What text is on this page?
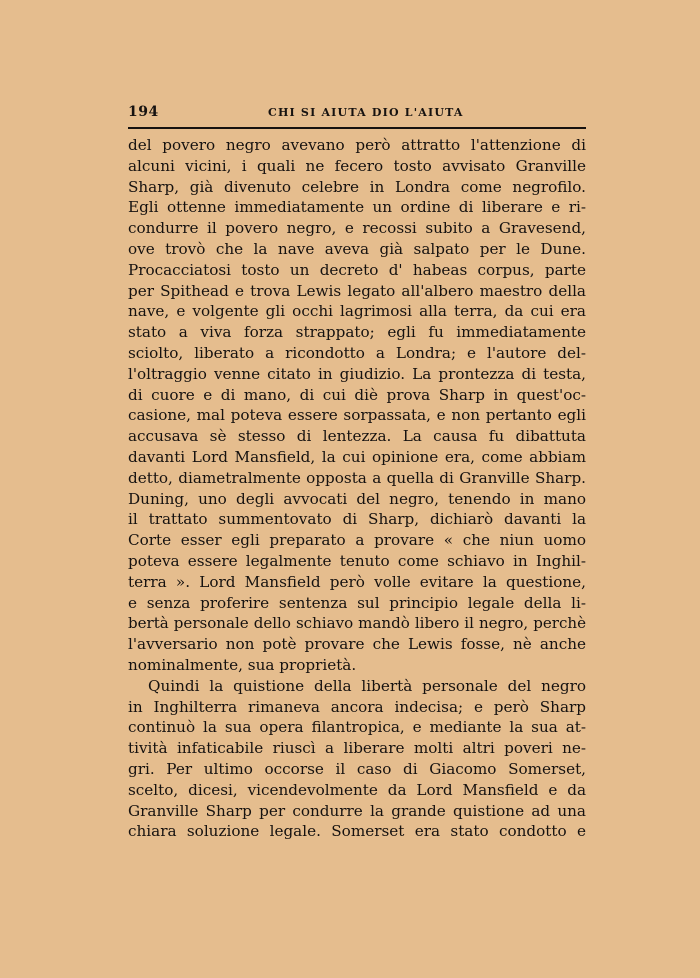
194	CHI SI AIUTA DIO L'AIUTA
del povero negro avevano però attratto l'attenzione di
alcuni vicini, i quali ne fecero tosto avvisato Granville
Sharp, già divenuto celebre in Londra come negrofilo.
Egli ottenne immediatamente un ordine di liberare e ri-
condurre il povero negro, e recossi subito a Gravesend,
ove trovò che la nave aveva già salpato per le Dune.
Procacciatosi tosto un decreto d' habeas corpus, parte
per Spithead e trova Lewis legato all'albero maestro della
nave, e volgente gli occhi lagrimosi alla terra, da cui era
stato a viva forza strappato; egli fu immediatamente
sciolto, liberato a ricondotto a Londra; e l'autore del-
l'oltraggio venne citato in giudizio. La prontezza di testa,
di cuore e di mano, di cui diè prova Sharp in quest'oc-
casione, mal poteva essere sorpassata, e non pertanto egli
accusava sè stesso di lentezza. La causa fu dibattuta
davanti Lord Mansfield, la cui opinione era, come abbiam
detto, diametralmente opposta a quella di Granville Sharp.
Duning, uno degli avvocati del negro, tenendo in mano
il trattato summentovato di Sharp, dichiarò davanti la
Corte esser egli preparato a provare « che niun uomo
poteva essere legalmente tenuto come schiavo in Inghil-
terra ». Lord Mansfield però volle evitare la questione,
e senza proferire sentenza sul principio legale della li-
bertà personale dello schiavo mandò libero il negro, perchè
l'avversario non potè provare che Lewis fosse, nè anche
nominalmente, sua proprietà.
Quindi la quistione della libertà personale del negro
in Inghilterra rimaneva ancora indecisa; e però Sharp
continuò la sua opera filantropica, e mediante la sua at-
tività infaticabile riuscì a liberare molti altri poveri ne-
gri. Per ultimo occorse il caso di Giacomo Somerset,
scelto, dicesi, vicendevolmente da Lord Mansfield e da
Granville Sharp per condurre la grande quistione ad una
chiara soluzione legale. Somerset era stato condotto e
